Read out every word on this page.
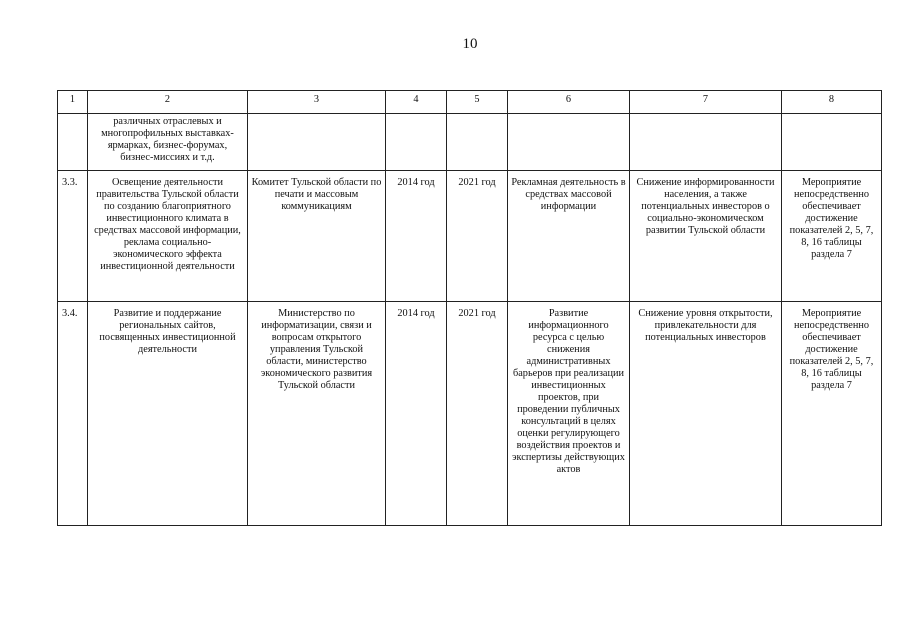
10
1	2	3	4	5	6	7	8
	различных отраслевых и многопрофильных выставках-ярмарках, бизнес-форумах, бизнес-миссиях и т.д.						
3.3.	Освещение деятельности правительства Тульской области по созданию благоприятного инвестиционного климата в средствах массовой информации, реклама социально-экономического эффекта инвестиционной деятельности	Комитет Тульской области по печати и массовым коммуникациям	2014 год	2021 год	Рекламная деятельность в средствах массовой информации	Снижение информированности населения, а также потенциальных инвесторов о социально-экономическом развитии Тульской области	Мероприятие непосредственно обеспечивает достижение показателей 2, 5, 7, 8, 16 таблицы раздела 7
3.4.	Развитие и поддержание региональных сайтов, посвященных инвестиционной деятельности	Министерство по информатизации, связи и вопросам открытого управления Тульской области, министерство экономического развития Тульской области	2014 год	2021 год	Развитие информационного ресурса с целью снижения административных барьеров при реализации инвестиционных проектов, при проведении публичных консультаций в целях оценки регулирующего воздействия проектов и экспертизы действующих актов	Снижение уровня открытости, привлекательности для потенциальных инвесторов	Мероприятие непосредственно обеспечивает достижение показателей 2, 5, 7, 8, 16 таблицы раздела 7
